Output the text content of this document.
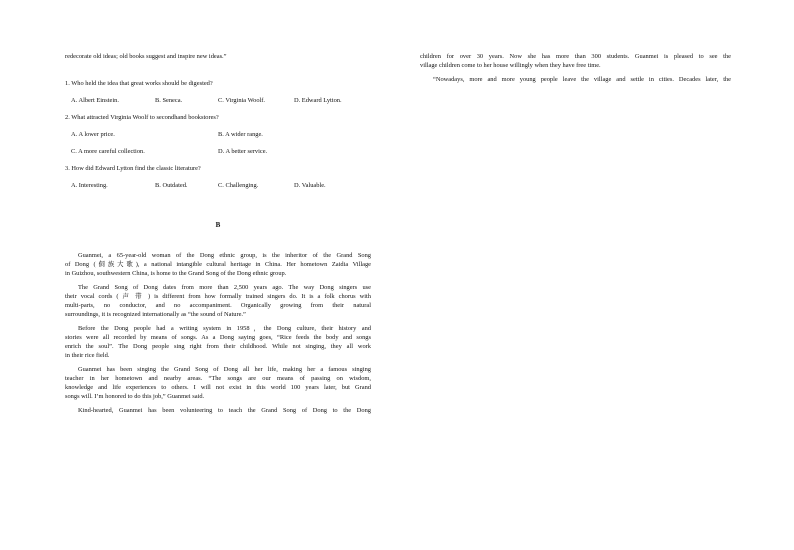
redecorate old ideas; old books suggest and inspire new ideas.”
1. Who held the idea that great works should be digested?
A. Albert Einstein.	B. Seneca.	C. Virginia Woolf.	D. Edward Lytton.
2. What attracted Virginia Woolf to secondhand bookstores?
A. A lower price.	B. A wider range.
C. A more careful collection.	D. A better service.
3. How did Edward Lytton find the classic literature?
A. Interesting.	B. Outdated.	C. Challenging.	D. Valuable.
B
Guanmei, a 65-year-old woman of the Dong ethnic group, is the inheritor of the Grand Song
of Dong (侗族大歌), a national intangible cultural heritage in China. Her hometown Zaidia Village
in Guizhou, southwestern China, is home to the Grand Song of the Dong ethnic group.
The Grand Song of Dong dates from more than 2,500 years ago. The way Dong singers use
their vocal cords ( 声 带 ) is different from how formally trained singers do. It is a folk chorus with
multi-parts, no conductor, and no accompaniment. Organically growing from their natural
surroundings, it is recognized internationally as “the sound of Nature.”
Before the Dong people had a writing system in 1958，the Dong culture, their history and
stories were all recorded by means of songs. As a Dong saying goes, “Rice feeds the body and songs
enrich the soul”. The Dong people sing right from their childhood. While not singing, they all work
in their rice field.
Guanmei has been singing the Grand Song of Dong all her life, making her a famous singing
teacher in her hometown and nearby areas. “The songs are our means of passing on wisdom,
knowledge and life experiences to others. I will not exist in this world 100 years later, but Grand
songs will. I’m honored to do this job,” Guanmei said.
Kind-hearted, Guanmei has been volunteering to teach the Grand Song of Dong to the Dong
children for over 30 years. Now she has more than 300 students. Guanmei is pleased to see the
village children come to her house willingly when they have free time.
“Nowadays, more and more young people leave the village and settle in cities. Decades later, the
